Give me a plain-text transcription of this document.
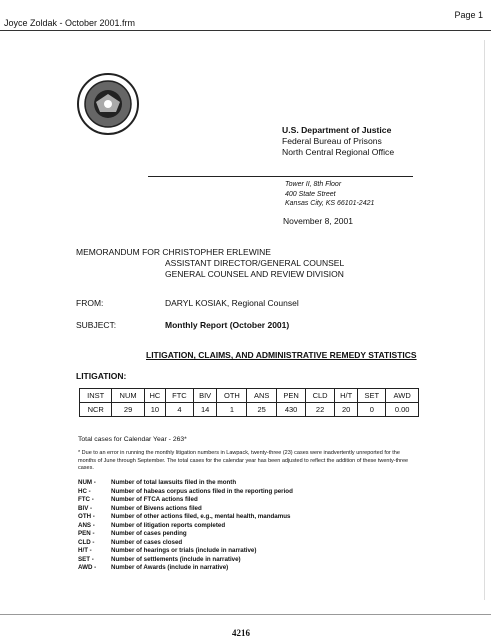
Joyce Zoldak - October 2001.frm
Page 1
U.S. Department of Justice
Federal Bureau of Prisons
North Central Regional Office
Tower II, 8th Floor
400 State Street
Kansas City, KS 66101-2421
November 8, 2001
MEMORANDUM FOR CHRISTOPHER ERLEWINE
ASSISTANT DIRECTOR/GENERAL COUNSEL
GENERAL COUNSEL AND REVIEW DIVISION
FROM:	DARYL KOSIAK, Regional Counsel
SUBJECT:	Monthly Report (October 2001)
LITIGATION, CLAIMS, AND ADMINISTRATIVE REMEDY STATISTICS
LITIGATION:
INST	NUM	HC	FTC	BIV	OTH	ANS	PEN	CLD	H/T	SET	AWD
NCR	29	10	4	14	1	25	430	22	20	0	0.00
Total cases for Calendar Year - 263*
* Due to an error in running the monthly litigation numbers in Lawpack, twenty-three (23) cases were inadvertently unreported for the months of June through September. The total cases for the calendar year has been adjusted to reflect the addition of these twenty-three cases.
NUM -	Number of total lawsuits filed in the month
HC -	Number of habeas corpus actions filed in the reporting period
FTC -	Number of FTCA actions filed
BIV -	Number of Bivens actions filed
OTH -	Number of other actions filed, e.g., mental health, mandamus
ANS -	Number of litigation reports completed
PEN -	Number of cases pending
CLD -	Number of cases closed
H/T -	Number of hearings or trials (include in narrative)
SET -	Number of settlements (include in narrative)
AWD -	Number of Awards (include in narrative)
4216
